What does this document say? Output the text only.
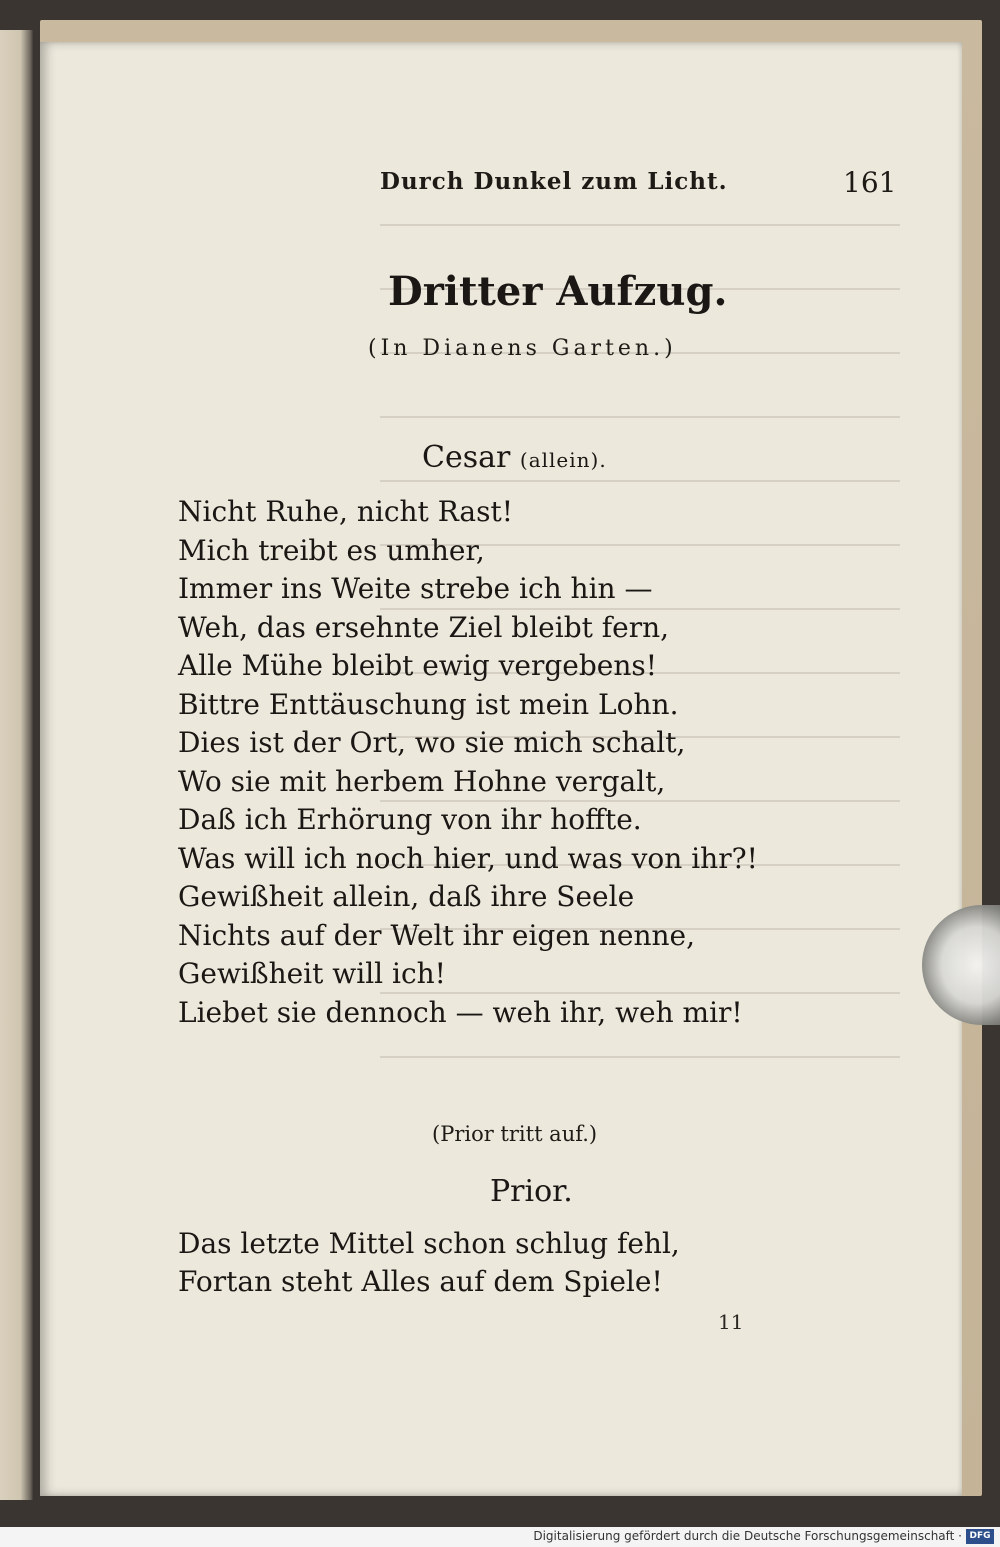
Durch Dunkel zum Licht.	161
Dritter Aufzug.
(In Dianens Garten.)
Cesar (allein).
Nicht Ruhe, nicht Rast!
Mich treibt es umher,
Immer ins Weite strebe ich hin —
Weh, das ersehnte Ziel bleibt fern,
Alle Mühe bleibt ewig vergebens!
Bittre Enttäuschung ist mein Lohn.
Dies ist der Ort, wo sie mich schalt,
Wo sie mit herbem Hohne vergalt,
Daß ich Erhörung von ihr hoffte.
Was will ich noch hier, und was von ihr?!
Gewißheit allein, daß ihre Seele
Nichts auf der Welt ihr eigen nenne,
Gewißheit will ich!
Liebet sie dennoch — weh ihr, weh mir!
(Prior tritt auf.)
Prior.
Das letzte Mittel schon schlug fehl,
Fortan steht Alles auf dem Spiele!
11
Digitalisierung gefördert durch die Deutsche Forschungsgemeinschaft · DFG
